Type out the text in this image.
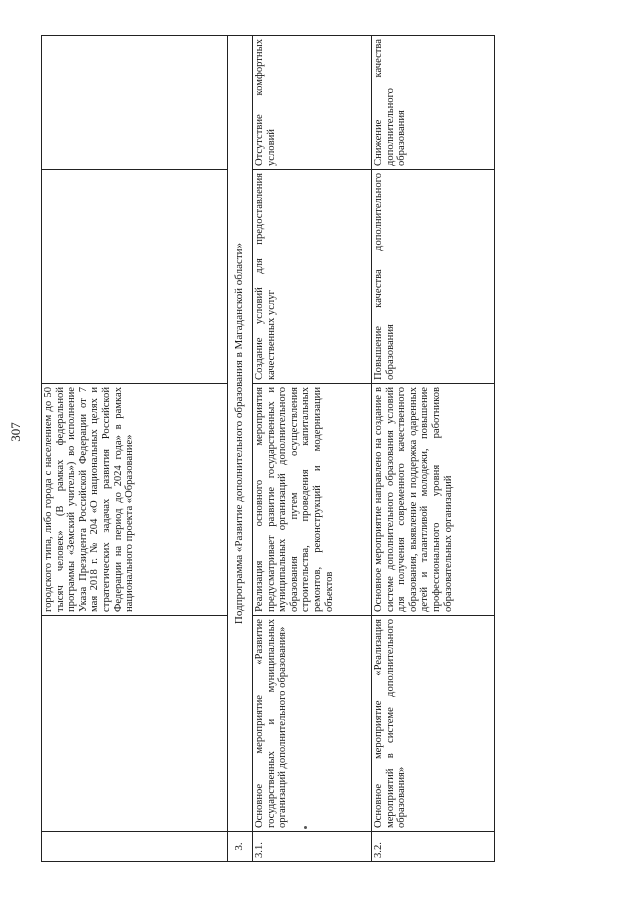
307
		городского типа, либо города с населением до 50 тысяч человек» (В рамках федеральной программы «Земский учитель») во исполнение Указа Президента Российской Федерации от 7 мая 2018 г. № 204 «О национальных целях и стратегических задачах развития Российской Федерации на период до 2024 года» в рамках национального проекта «Образование»		
3.	Подпрограмма «Развитие дополнительного образования в Магаданской области»			
3.1.	Основное мероприятие «Развитие государственных и муниципальных организаций дополнительного образования»	Реализация основного мероприятия предусматривает развитие государственных и муниципальных организаций дополнительного образования путем осуществления строительства, проведения капитальных ремонтов, реконструкций и модернизации объектов	Создание условий для предоставления качественных услуг	Отсутствие комфортных условий
3.2.	Основное мероприятие «Реализация мероприятий в системе дополнительного образования»	Основное мероприятие направлено на создание в системе дополнительного образования условий для получения современного качественного образования, выявление и поддержка одаренных детей и талантливой молодежи, повышение профессионального уровня работников образовательных организаций	Повышение качества дополнительного образования	Снижение качества дополнительного образования
